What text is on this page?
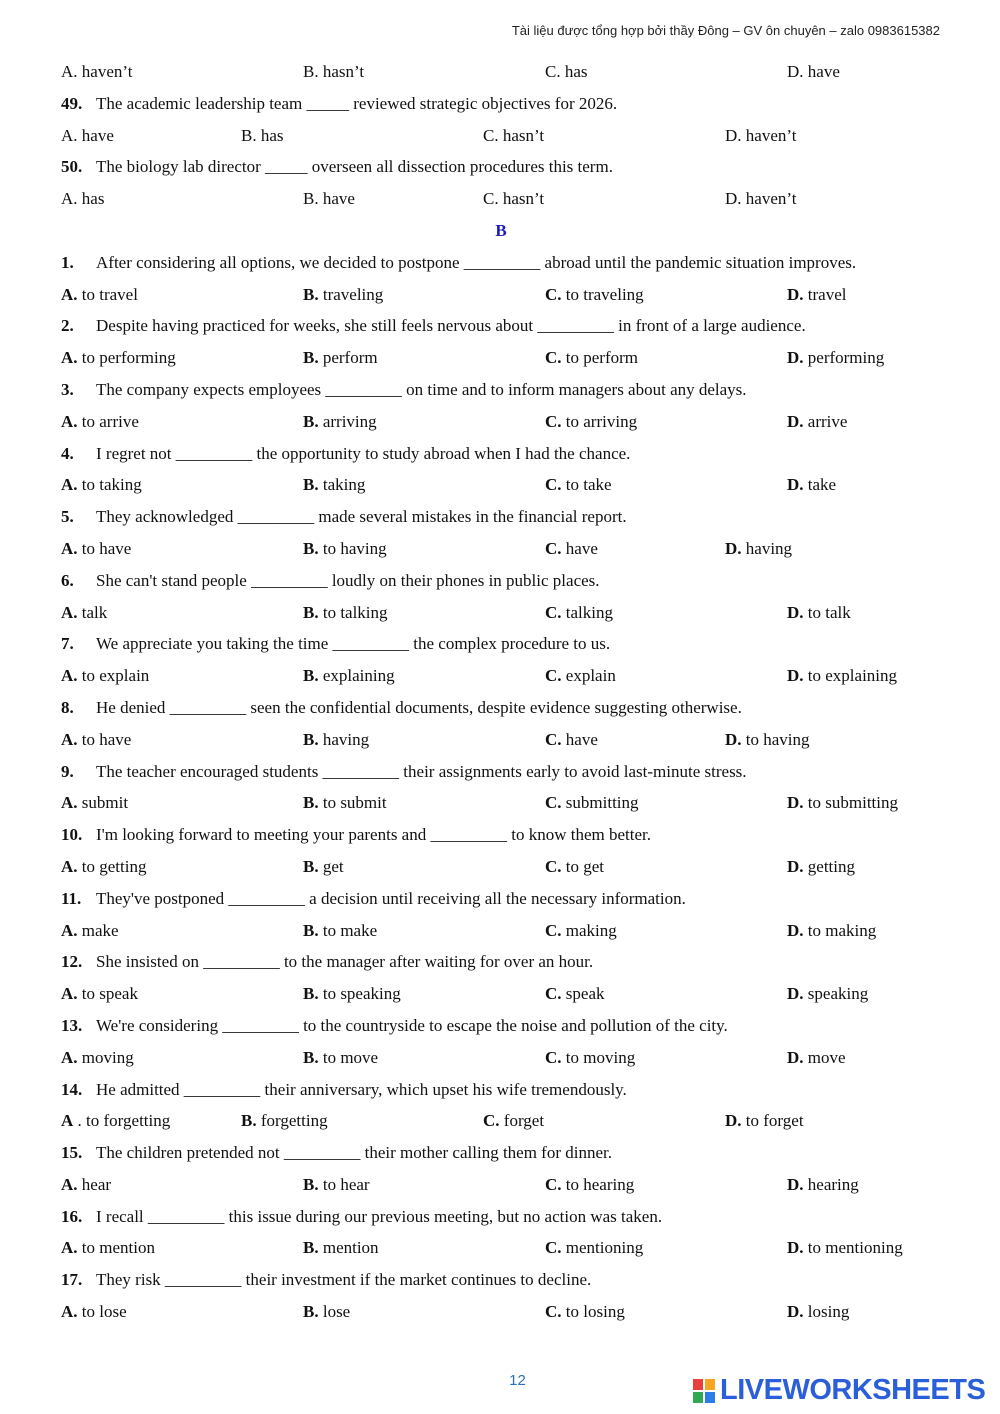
Tài liệu được tổng hợp bởi thầy Đông – GV ôn chuyên – zalo 0983615382
A. haven’t	B. hasn’t	C. has	D. have
49. The academic leadership team _____ reviewed strategic objectives for 2026.
A. have	B. has	C. hasn’t	D. haven’t
50. The biology lab director _____ overseen all dissection procedures this term.
A. has	B. have	C. hasn’t	D. haven’t
B
1. After considering all options, we decided to postpone _________ abroad until the pandemic situation improves.
A. to travel	B. traveling	C. to traveling	D. travel
2. Despite having practiced for weeks, she still feels nervous about _________ in front of a large audience.
A. to performing	B. perform	C. to perform	D. performing
3. The company expects employees _________ on time and to inform managers about any delays.
A. to arrive	B. arriving	C. to arriving	D. arrive
4. I regret not _________ the opportunity to study abroad when I had the chance.
A. to taking	B. taking	C. to take	D. take
5. They acknowledged _________ made several mistakes in the financial report.
A. to have	B. to having	C. have	D. having
6. She can't stand people _________ loudly on their phones in public places.
A. talk	B. to talking	C. talking	D. to talk
7. We appreciate you taking the time _________ the complex procedure to us.
A. to explain	B. explaining	C. explain	D. to explaining
8. He denied _________ seen the confidential documents, despite evidence suggesting otherwise.
A. to have	B. having	C. have	D. to having
9. The teacher encouraged students _________ their assignments early to avoid last-minute stress.
A. submit	B. to submit	C. submitting	D. to submitting
10. I'm looking forward to meeting your parents and _________ to know them better.
A. to getting	B. get	C. to get	D. getting
11. They've postponed _________ a decision until receiving all the necessary information.
A. make	B. to make	C. making	D. to making
12. She insisted on _________ to the manager after waiting for over an hour.
A. to speak	B. to speaking	C. speak	D. speaking
13. We're considering _________ to the countryside to escape the noise and pollution of the city.
A. moving	B. to move	C. to moving	D. move
14. He admitted _________ their anniversary, which upset his wife tremendously.
A . to forgetting	B. forgetting	C. forget	D. to forget
15. The children pretended not _________ their mother calling them for dinner.
A. hear	B. to hear	C. to hearing	D. hearing
16. I recall _________ this issue during our previous meeting, but no action was taken.
A. to mention	B. mention	C. mentioning	D. to mentioning
17. They risk _________ their investment if the market continues to decline.
A. to lose	B. lose	C. to losing	D. losing
12	LIVEWORKSHEETS
